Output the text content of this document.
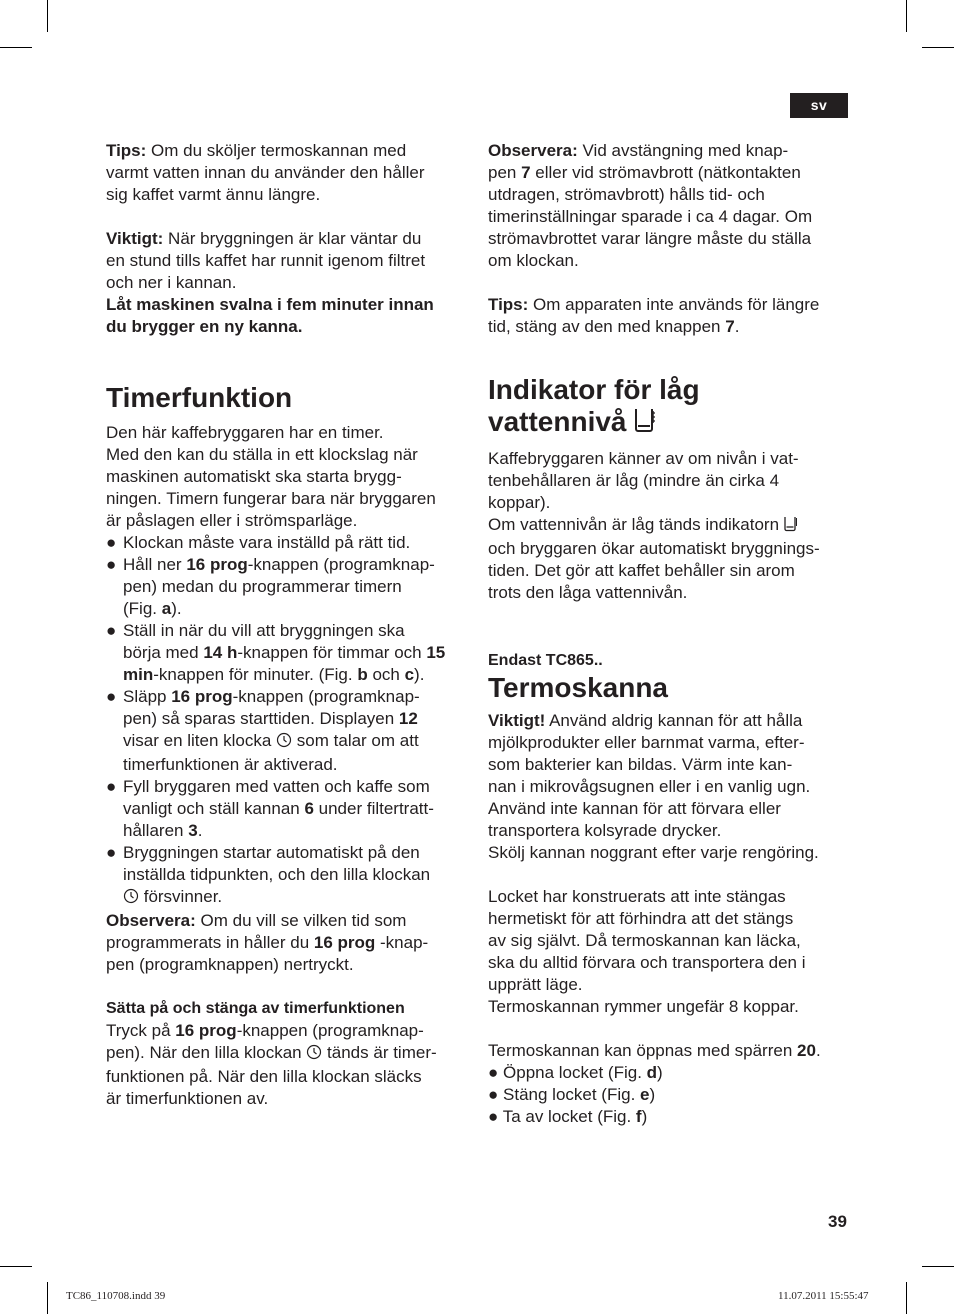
sv

Tips: Om du sköljer termoskannan med

varmt vatten innan du använder den håller

sig kaffet varmt ännu längre.

Viktigt: När bryggningen är klar väntar du

en stund tills kaffet har runnit igenom filtret

och ner i kannan.

Låt maskinen svalna i fem minuter innan

du brygger en ny kanna.

Timerfunktion

Den här kaffebryggaren har en timer.

Med den kan du ställa in ett klockslag när

maskinen automatiskt ska starta brygg-

ningen. Timern fungerar bara när bryggaren

är påslagen eller i strömsparläge.

● Klockan måste vara inställd på rätt tid.
● Håll ner 16 prog-knappen (programknap-
pen) medan du programmerar timern
(Fig. a).
● Ställ in när du vill att bryggningen ska
börja med 14 h-knappen för timmar och 15
min-knappen för minuter. (Fig. b och c).
● Släpp 16 prog-knappen (programknap-
pen) så sparas starttiden. Displayen 12
visar en liten klocka  som talar om att
timerfunktionen är aktiverad.
● Fyll bryggaren med vatten och kaffe som
vanligt och ställ kannan 6 under filtertratt-
hållaren 3.
● Bryggningen startar automatiskt på den
inställda tidpunkten, och den lilla klockan
försvinner.

Observera: Om du vill se vilken tid som

programmerats in håller du 16 prog -knap-

pen (programknappen) nertryckt.

Sätta på och stänga av timerfunktionen

Tryck på 16 prog-knappen (programknap-

pen). När den lilla klockan  tänds är timer-

funktionen på. När den lilla klockan släcks

är timerfunktionen av.

Observera: Vid avstängning med knap-

pen 7 eller vid strömavbrott (nätkontakten

utdragen, strömavbrott) hålls tid- och

timerinställningar sparade i ca 4 dagar. Om

strömavbrottet varar längre måste du ställa

om klockan.

Tips: Om apparaten inte används för längre

tid, stäng av den med knappen 7.

Indikator för låg
vattennivå

Kaffebryggaren känner av om nivån i vat-

tenbehållaren är låg (mindre än cirka 4

koppar).

Om vattennivån är låg tänds indikatorn

och bryggaren ökar automatiskt bryggnings-

tiden. Det gör att kaffet behåller sin arom

trots den låga vattennivån.

Endast TC865..
Termoskanna

Viktigt! Använd aldrig kannan för att hålla

mjölkprodukter eller barnmat varma, efter-

som bakterier kan bildas. Värm inte kan-

nan i mikrovågsugnen eller i en vanlig ugn.

Använd inte kannan för att förvara eller

transportera kolsyrade drycker.

Skölj kannan noggrant efter varje rengöring.

Locket har konstruerats att inte stängas

hermetiskt för att förhindra att det stängs

av sig självt. Då termoskannan kan läcka,

ska du alltid förvara och transportera den i

upprätt läge.

Termoskannan rymmer ungefär 8 koppar.

Termoskannan kan öppnas med spärren 20.

● Öppna locket (Fig. d)
● Stäng locket (Fig. e)
● Ta av locket (Fig. f)
39
TC86_110708.indd 39	11.07.2011 15:55:47
